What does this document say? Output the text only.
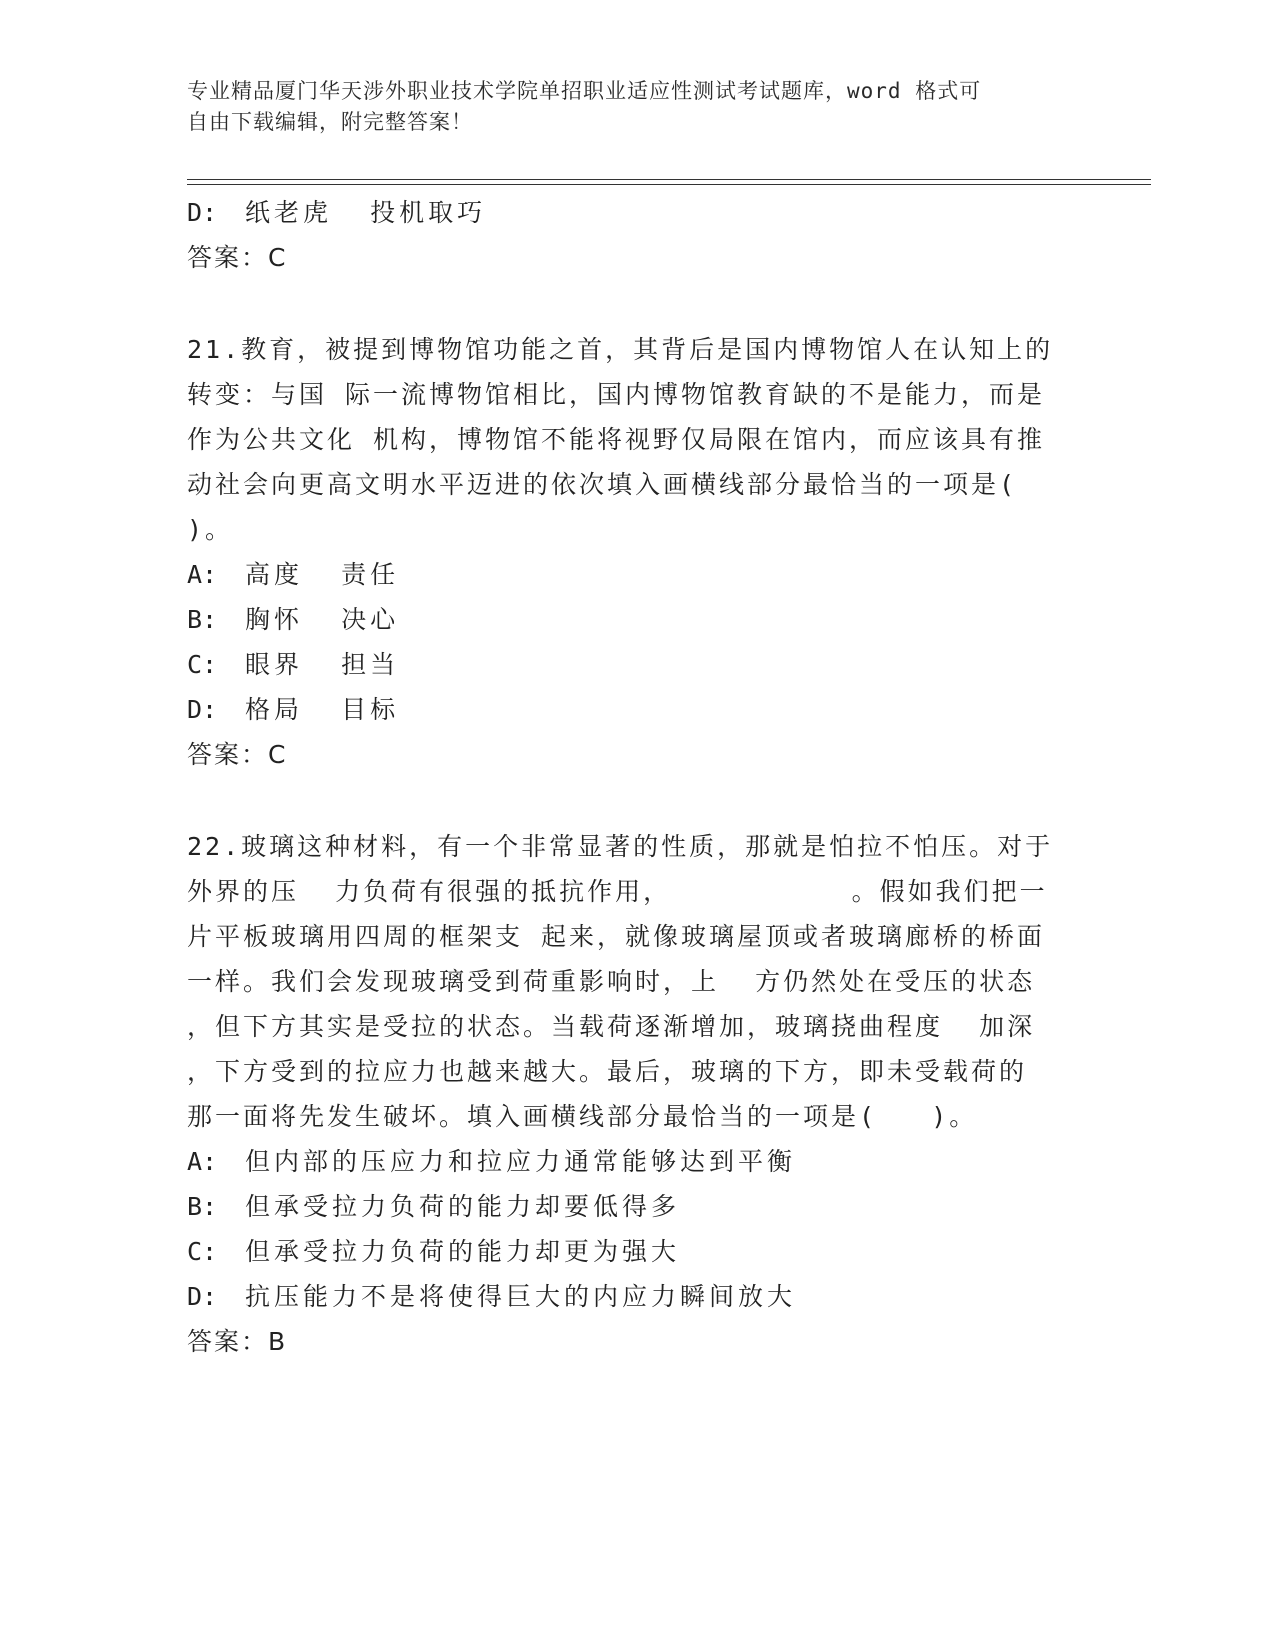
专业精品厦门华天涉外职业技术学院单招职业适应性测试考试题库，word 格式可

自由下载编辑，附完整答案！

D: 纸老虎  投机取巧
答案：C
21.教育，被提到博物馆功能之首，其背后是国内博物馆人在认知上的
转变：与国 际一流博物馆相比，国内博物馆教育缺的不是能力，而是
作为公共文化 机构，博物馆不能将视野仅局限在馆内，而应该具有推
动社会向更高文明水平迈进的依次填入画横线部分最恰当的一项是(
)。
A: 高度  责任
B: 胸怀  决心
C: 眼界  担当
D: 格局  目标
答案：C
22.玻璃这种材料，有一个非常显著的性质，那就是怕拉不怕压。对于
外界的压  力负荷有很强的抵抗作用，          。假如我们把一
片平板玻璃用四周的框架支 起来，就像玻璃屋顶或者玻璃廊桥的桥面
一样。我们会发现玻璃受到荷重影响时，上  方仍然处在受压的状态
，但下方其实是受拉的状态。当载荷逐渐增加，玻璃挠曲程度  加深
，下方受到的拉应力也越来越大。最后，玻璃的下方，即未受载荷的
那一面将先发生破坏。填入画横线部分最恰当的一项是(   )。
A: 但内部的压应力和拉应力通常能够达到平衡
B: 但承受拉力负荷的能力却要低得多
C: 但承受拉力负荷的能力却更为强大
D: 抗压能力不是将使得巨大的内应力瞬间放大
答案：B
